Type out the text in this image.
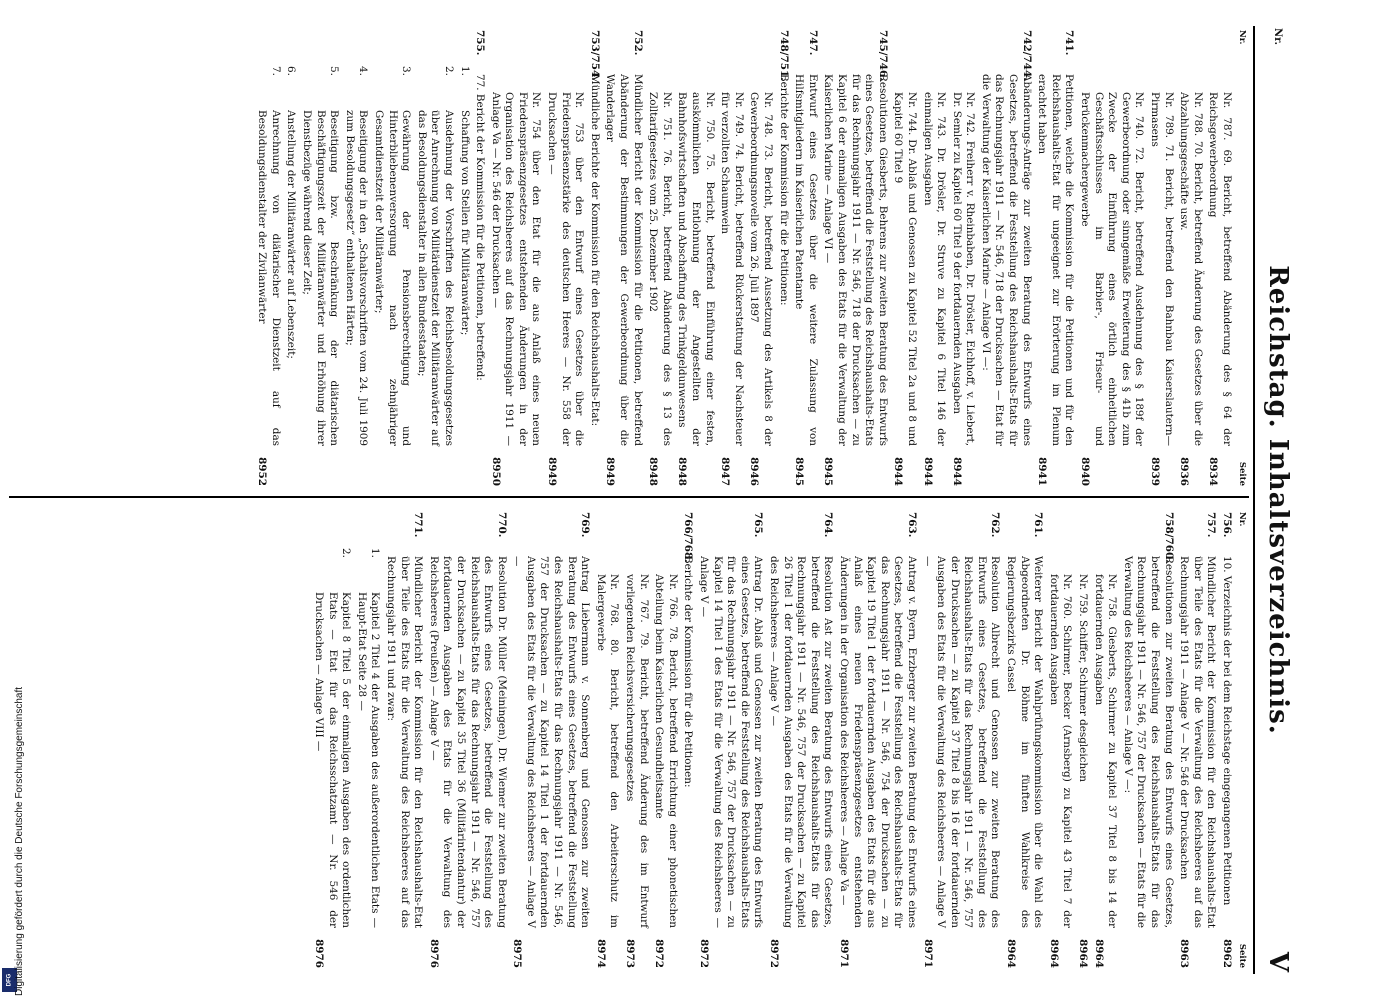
Nr.
Reichstag. Inhaltsverzeichnis.
V
Nr.
Seite
Nr. 787. 69. Bericht, betreffend Abänderung des § 64 der Reichsgewerbeordnung
8934
Nr. 788. 70. Bericht, betreffend Änderung des Gesetzes über die Abzahlungsgeschäfte usw.
8936
Nr. 789. 71. Bericht, betreffend den Bahnbau Kaiserslautern—Pirmasens
8939
Nr. 740. 72. Bericht, betreffend Ausdehnung des § 189f der Gewerbeordnung oder sinngemäße Erweiterung des § 41b zum Zwecke der Einführung eines örtlich einheitlichen Geschäftsschlusses im Barbier-, Friseur- und Perückenmachergewerbe
8940
741.
Petitionen, welche die Kommission für die Petitionen und für den Reichshaushalts-Etat für ungeeignet zur Erörterung im Plenum erachtet haben
8941
742/744.
Abänderungs-Anträge zur zweiten Beratung des Entwurfs eines Gesetzes, betreffend die Feststellung des Reichshaushalts-Etats für das Rechnungsjahr 1911 — Nr. 546, 718 der Drucksachen — Etat für die Verwaltung der Kaiserlichen Marine — Anlage VI —:
Nr. 742. Freiherr v. Rheinbaben, Dr. Drösler, Eichhoff, v. Liebert, Dr. Semler zu Kapitel 60 Titel 9 der fortdauernden Ausgaben
8944
Nr. 743. Dr. Drösler, Dr. Struve zu Kapitel 6 Titel 146 der einmaligen Ausgaben
8944
Nr. 744. Dr. Ablaß und Genossen zu Kapitel 52 Titel 2a und 8 und Kapitel 60 Titel 9
8944
745/746.
Resolutionen Giesberts, Behrens zur zweiten Beratung des Entwurfs eines Gesetzes, betreffend die Feststellung des Reichshaushalts-Etats für das Rechnungsjahr 1911 — Nr. 546, 718 der Drucksachen — zu Kapitel 6 der einmaligen Ausgaben des Etats für die Verwaltung der Kaiserlichen Marine — Anlage VI —
8945
747.
Entwurf eines Gesetzes über die weitere Zulassung von Hilfsmitgliedern im Kaiserlichen Patentamte
8945
748/751.
Berichte der Kommission für die Petitionen:
Nr. 748. 73. Bericht, betreffend Aussetzung des Artikels 8 der Gewerbeordnungsnovelle vom 26. Juli 1897
8946
Nr. 749. 74. Bericht, betreffend Rückerstattung der Nachsteuer für verzollten Schaumwein
8947
Nr. 750. 75. Bericht, betreffend Einführung einer festen, auskömmlichen Entlohnung der Angestellten der Bahnhofswirtschaften und Abschaffung des Trinkgeldunwesens
8948
Nr. 751. 76. Bericht, betreffend Abänderung des § 13 des Zolltarifgesetzes vom 25. Dezember 1902
8948
752.
Mündlicher Bericht der Kommission für die Petitionen, betreffend Abänderung der Bestimmungen der Gewerbeordnung über die Wanderlager
8949
753/754.
Mündliche Berichte der Kommission für den Reichshaushalts-Etat:
Nr. 753 über den Entwurf eines Gesetzes über die Friedenspräsenzstärke des deutschen Heeres — Nr. 558 der Drucksachen —
8949
Nr. 754 über den Etat für die aus Anlaß eines neuen Friedenspräsenzgesetzes entstehenden Änderungen in der Organisation des Reichsheeres auf das Rechnungsjahr 1911 — Anlage Va — Nr. 546 der Drucksachen —
8950
755.
77. Bericht der Kommission für die Petitionen, betreffend:
1.
Schaffung von Stellen für Militäranwärter;
2.
Ausdehnung der Vorschriften des Reichsbesoldungsgesetzes über Anrechnung von Militärdienstzeit der Militäranwärter auf das Besoldungsdienstalter in allen Bundesstaaten;
3.
Gewährung der Pensionsberechtigung und Hinterbliebenenversorgung nach zehnjähriger Gesamtdienstzeit der Militäranwärter;
4.
Beseitigung der in den „Schaltsvorschriften vom 24. Juli 1909 zum Besoldungsgesetz“ enthaltenen Härten;
5.
Beseitigung bzw. Beschränkung der diätarischen Beschäftigungszeit der Militäranwärter und Erhöhung ihrer Dienstbezüge während dieser Zeit;
6.
Anstellung der Militäranwärter auf Lebenszeit;
7.
Anrechnung von diätarischer Dienstzeit auf das Besoldungsdienstalter der Zivilanwärter
8952
Nr.
Seite
756.
10. Verzeichnis der bei dem Reichstage eingegangenen Petitionen
8962
757.
Mündlicher Bericht der Kommission für den Reichshaushalts-Etat über Teile des Etats für die Verwaltung des Reichsheeres auf das Rechnungsjahr 1911 — Anlage V — Nr. 546 der Drucksachen
8963
758/760.
Resolutionen zur zweiten Beratung des Entwurfs eines Gesetzes, betreffend die Feststellung des Reichshaushalts-Etats für das Rechnungsjahr 1911 — Nr. 546, 757 der Drucksachen — Etats für die Verwaltung des Reichsheeres — Anlage V —:
Nr. 758. Giesberts, Schirmer zu Kapitel 37 Titel 8 bis 14 der fortdauernden Ausgaben
8964
Nr. 759. Schiffer, Schirmer desgleichen
8964
Nr. 760. Schirmer, Becker (Arnsberg) zu Kapitel 43 Titel 7 der fortdauernden Ausgaben
8964
761.
Weiterer Bericht der Wahlprüfungskommission über die Wahl des Abgeordneten Dr. Böhme im fünften Wahlkreise des Regierungsbezirks Cassel
8964
762.
Resolution Albrecht und Genossen zur zweiten Beratung des Entwurfs eines Gesetzes, betreffend die Feststellung des Reichshaushalts-Etats für das Rechnungsjahr 1911 — Nr. 546, 757 der Drucksachen — zu Kapitel 37 Titel 8 bis 16 der fortdauernden Ausgaben des Etats für die Verwaltung des Reichsheeres — Anlage V —
8971
763.
Antrag v. Byern, Erzberger zur zweiten Beratung des Entwurfs eines Gesetzes, betreffend die Feststellung des Reichshaushalts-Etats für das Rechnungsjahr 1911 — Nr. 546, 754 der Drucksachen — zu Kapitel 19 Titel 1 der fortdauernden Ausgaben des Etats für die aus Anlaß eines neuen Friedenspräsenzgesetzes entstehenden Änderungen in der Organisation des Reichsheeres — Anlage Va —
8971
764.
Resolution Ast zur zweiten Beratung des Entwurfs eines Gesetzes, betreffend die Feststellung des Reichshaushalts-Etats für das Rechnungsjahr 1911 — Nr. 546, 757 der Drucksachen — zu Kapitel 26 Titel 1 der fortdauernden Ausgaben des Etats für die Verwaltung des Reichsheeres — Anlage V —
8972
765.
Antrag Dr. Ablaß und Genossen zur zweiten Beratung des Entwurfs eines Gesetzes, betreffend die Feststellung des Reichshaushalts-Etats für das Rechnungsjahr 1911 — Nr. 546, 757 der Drucksachen — zu Kapitel 14 Titel 1 des Etats für die Verwaltung des Reichsheeres — Anlage V —
8972
766/768.
Berichte der Kommission für die Petitionen:
Nr. 766. 78. Bericht, betreffend Errichtung einer phonetischen Abteilung beim Kaiserlichen Gesundheitsamte
8972
Nr. 767. 79. Bericht, betreffend Änderung des im Entwurf vorliegenden Reichsversicherungsgesetzes
8973
Nr. 768. 80. Bericht, betreffend den Arbeiterschutz im Malergewerbe
8974
769.
Antrag Liebermann v. Sonnenberg und Genossen zur zweiten Beratung des Entwurfs eines Gesetzes, betreffend die Feststellung des Reichshaushalts-Etats für das Rechnungsjahr 1911 — Nr. 546, 757 der Drucksachen — zu Kapitel 14 Titel 1 der fortdauernden Ausgaben des Etats für die Verwaltung des Reichsheeres — Anlage V —
8975
770.
Resolution Dr. Müller (Meiningen), Dr. Wiemer zur zweiten Beratung des Entwurfs eines Gesetzes, betreffend die Feststellung des Reichshaushalts-Etats für das Rechnungsjahr 1911 — Nr. 546, 757 der Drucksachen — zu Kapitel 35 Titel 36 (Militärintendantur) der fortdauernden Ausgaben des Etats für die Verwaltung des Reichsheeres (Preußen) — Anlage V —
8976
771.
Mündlicher Bericht der Kommission für den Reichshaushalts-Etat über Teile des Etats für die Verwaltung des Reichsheeres auf das Rechnungsjahr 1911 und zwar:
1.
Kapitel 2 Titel 4 der Ausgaben des außerordentlichen Etats — Haupt-Etat Seite 28 —
2.
Kapitel 8 Titel 5 der einmaligen Ausgaben des ordentlichen Etats — Etat für das Reichsschatzamt — Nr. 546 der Drucksachen — Anlage VIII —
8976
DFG Digitalisierung gefördert durch die Deutsche Forschungsgemeinschaft
